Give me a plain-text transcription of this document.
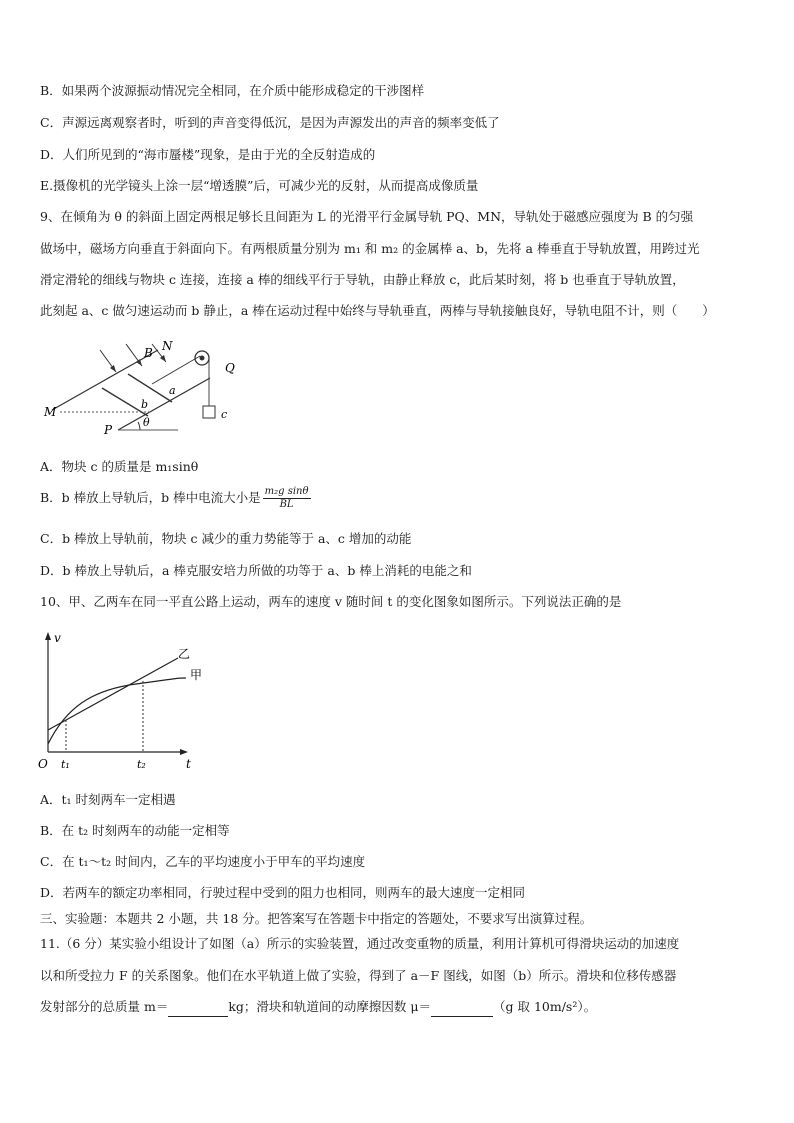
B．如果两个波源振动情况完全相同，在介质中能形成稳定的干涉图样
C．声源远离观察者时，听到的声音变得低沉，是因为声源发出的声音的频率变低了
D．人们所见到的“海市蜃楼”现象，是由于光的全反射造成的
E.摄像机的光学镜头上涂一层“增透膜”后，可减少光的反射，从而提高成像质量
9、在倾角为 θ 的斜面上固定两根足够长且间距为 L 的光滑平行金属导轨 PQ、MN，导轨处于磁感应强度为 B 的匀强
做场中，磁场方向垂直于斜面向下。有两根质量分别为 m₁ 和 m₂ 的金属棒 a、b，先将 a 棒垂直于导轨放置，用跨过光
滑定滑轮的细线与物块 c 连接，连接 a 棒的细线平行于导轨，由静止释放 c，此后某时刻，将 b 也垂直于导轨放置，
此刻起 a、c 做匀速运动而 b 静止，a 棒在运动过程中始终与导轨垂直，两棒与导轨接触良好，导轨电阻不计，则（　　）
B N
Q
a
b
c
M
P
θ
A．物块 c 的质量是 m₁sinθ
B．b 棒放上导轨后，b 棒中电流大小是 $\frac{\text{m₂g sinθ}}{BL}$
C．b 棒放上导轨前，物块 c 减少的重力势能等于 a、c 增加的动能
D．b 棒放上导轨后，a 棒克服安培力所做的功等于 a、b 棒上消耗的电能之和
10、甲、乙两车在同一平直公路上运动，两车的速度 v 随时间 t 的变化图象如图所示。下列说法正确的是
v
t
O t₁	t₂
乙
甲
A．t₁ 时刻两车一定相遇
B．在 t₂ 时刻两车的动能一定相等
C．在 t₁～t₂ 时间内，乙车的平均速度小于甲车的平均速度
D．若两车的额定功率相同，行驶过程中受到的阻力也相同，则两车的最大速度一定相同
三、实验题：本题共 2 小题，共 18 分。把答案写在答题卡中指定的答题处，不要求写出演算过程。
11.（6 分）某实验小组设计了如图（a）所示的实验装置，通过改变重物的质量，利用计算机可得滑块运动的加速度
以和所受拉力 F 的关系图象。他们在水平轨道上做了实验，得到了 a－F 图线，如图（b）所示。滑块和位移传感器
发射部分的总质量 m＝	kg；滑块和轨道间的动摩擦因数 μ＝	（g 取 10m/s²）。
